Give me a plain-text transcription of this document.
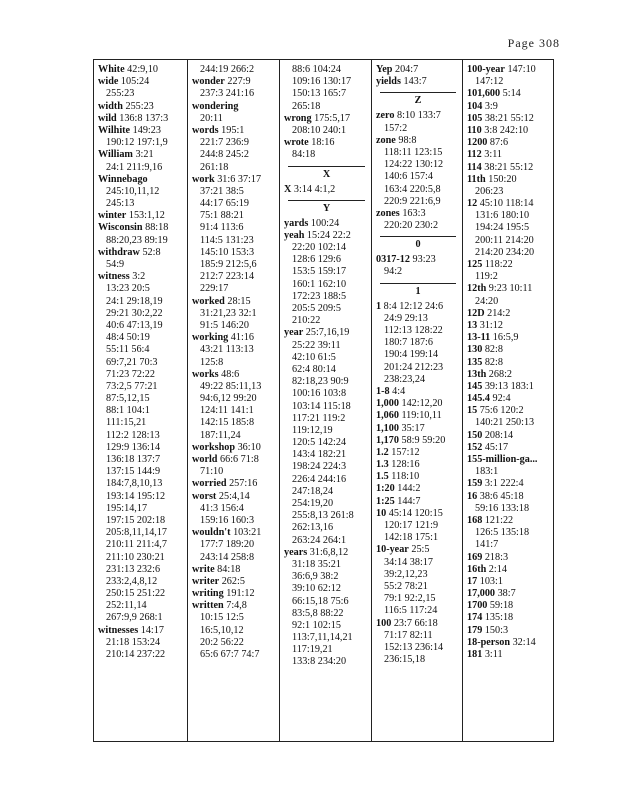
Page 308
White 42:9,10
wide 105:24
255:23
width 255:23
wild 136:8 137:3
Wilhite 149:23
190:12 197:1,9
William 3:21
24:1 211:9,16
Winnebago
245:10,11,12
245:13
winter 153:1,12
Wisconsin 88:18
88:20,23 89:19
withdraw 52:8
54:9
witness 3:2
13:23 20:5
24:1 29:18,19
29:21 30:2,22
40:6 47:13,19
48:4 50:19
55:11 56:4
69:7,21 70:3
71:23 72:22
73:2,5 77:21
87:5,12,15
88:1 104:1
111:15,21
112:2 128:13
129:9 136:14
136:18 137:7
137:15 144:9
184:7,8,10,13
193:14 195:12
195:14,17
197:15 202:18
205:8,11,14,17
210:11 211:4,7
211:10 230:21
231:13 232:6
233:2,4,8,12
250:15 251:22
252:11,14
267:9,9 268:1
witnesses 14:17
21:18 153:24
210:14 237:22
244:19 266:2
wonder 227:9
237:3 241:16
wondering
20:11
words 195:1
221:7 236:9
244:8 245:2
261:18
work 31:6 37:17
37:21 38:5
44:17 65:19
75:1 88:21
91:4 113:6
114:5 131:23
145:10 153:3
185:9 212:5,6
212:7 223:14
229:17
worked 28:15
31:21,23 32:1
91:5 146:20
working 41:16
43:21 113:13
125:8
works 48:6
49:22 85:11,13
94:6,12 99:20
124:11 141:1
142:15 185:8
187:11,24
workshop 36:10
world 66:6 71:8
71:10
worried 257:16
worst 25:4,14
41:3 156:4
159:16 160:3
wouldn't 103:21
177:7 189:20
243:14 258:8
write 84:18
writer 262:5
writing 191:12
written 7:4,8
10:15 12:5
16:5,10,12
20:2 56:22
65:6 67:7 74:7
88:6 104:24
109:16 130:17
150:13 165:7
265:18
wrong 175:5,17
208:10 240:1
wrote 18:16
84:18
X
X 3:14 4:1,2
Y
yards 100:24
yeah 15:24 22:2
22:20 102:14
128:6 129:6
153:5 159:17
160:1 162:10
172:23 188:5
205:5 209:5
210:22
year 25:7,16,19
25:22 39:11
42:10 61:5
62:4 80:14
82:18,23 90:9
100:16 103:8
103:14 115:18
117:21 119:2
119:12,19
120:5 142:24
143:4 182:21
198:24 224:3
226:4 244:16
247:18,24
254:19,20
255:8,13 261:8
262:13,16
263:24 264:1
years 31:6,8,12
31:18 35:21
36:6,9 38:2
39:10 62:12
66:15,18 75:6
83:5,8 88:22
92:1 102:15
113:7,11,14,21
117:19,21
133:8 234:20
Yep 204:7
yields 143:7
Z
zero 8:10 133:7
157:2
zone 98:8
118:11 123:15
124:22 130:12
140:6 157:4
163:4 220:5,8
220:9 221:6,9
zones 163:3
220:20 230:2
0
0317-12 93:23
94:2
1
1 8:4 12:12 24:6
24:9 29:13
112:13 128:22
180:7 187:6
190:4 199:14
201:24 212:23
238:23,24
1-8 4:4
1,000 142:12,20
1,060 119:10,11
1,100 35:17
1,170 58:9 59:20
1.2 157:12
1.3 128:16
1.5 118:10
1:20 144:2
1:25 144:7
10 45:14 120:15
120:17 121:9
142:18 175:1
10-year 25:5
34:14 38:17
39:2,12,23
55:2 78:21
79:1 92:2,15
116:5 117:24
100 23:7 66:18
71:17 82:11
152:13 236:14
236:15,18
100-year 147:10
147:12
101,600 5:14
104 3:9
105 38:21 55:12
110 3:8 242:10
1200 87:6
112 3:11
114 38:21 55:12
11th 150:20
206:23
12 45:10 118:14
131:6 180:10
194:24 195:5
200:11 214:20
214:20 234:20
125 118:22
119:2
12th 9:23 10:11
24:20
12D 214:2
13 31:12
13-11 16:5,9
130 82:8
135 82:8
13th 268:2
145 39:13 183:1
145.4 92:4
15 75:6 120:2
140:21 250:13
150 208:14
152 45:17
155-million-ga...
183:1
159 3:1 222:4
16 38:6 45:18
59:16 133:18
168 121:22
126:5 135:18
141:7
169 218:3
16th 2:14
17 103:1
17,000 38:7
1700 59:18
174 135:18
179 150:3
18-person 32:14
181 3:11
